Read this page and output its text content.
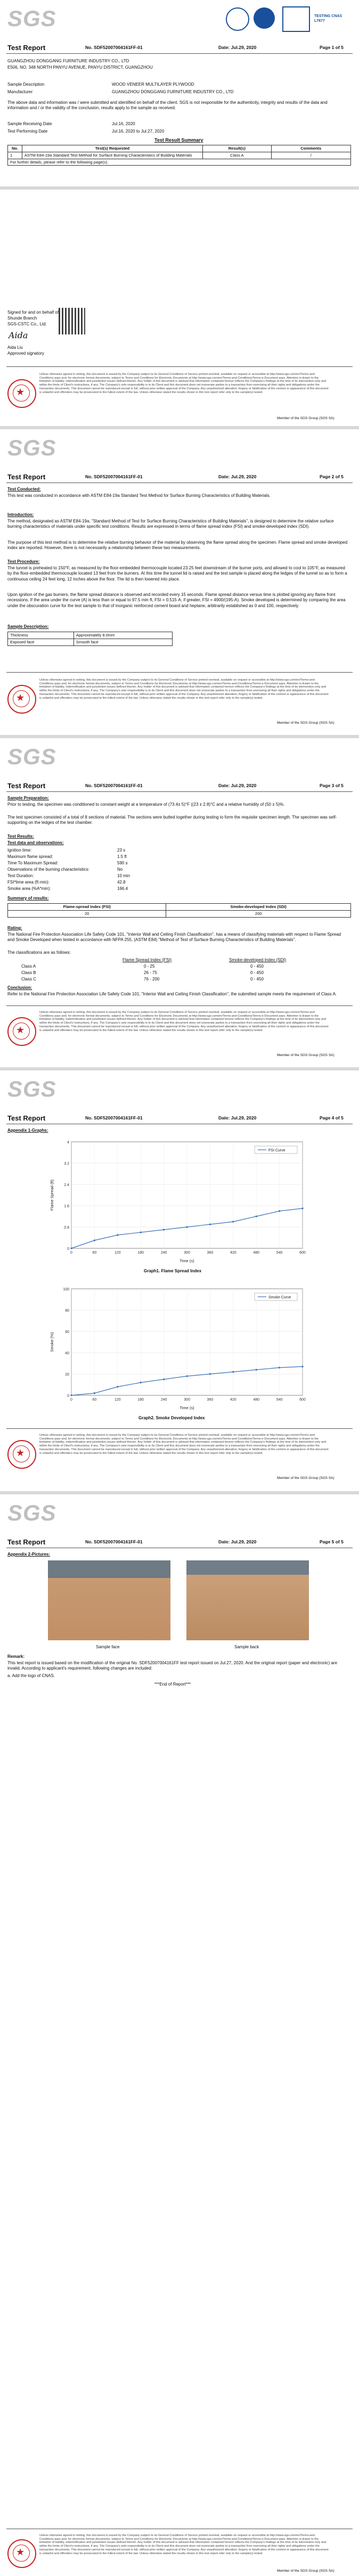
SGS
Test Report
TESTING CNAS L7677
No. SDF52007004161FF-01	Date: Jul.29, 2020	Page 1 of 5
GUANGZHOU DONGGANG FURNITURE INDUSTRY CO., LTD
E506, NO. 348 NORTH PANYU AVENUE, PANYU DISTRICT, GUANGZHOU
Sample Description	WOOD VENEER MULTILAYER PLYWOOD
Manufacturer	GUANGZHOU DONGGANG FURNITURE INDUSTRY CO., LTD
The above data and information was / were submitted and identified on behalf of the client. SGS is not responsible for the authenticity, integrity and results of the data and information and / or the validity of the conclusion, results apply to the sample as received.
Sample Receiving Date	Jul.16, 2020
Test Performing Date	Jul.16, 2020 to Jul.27, 2020
Test Result Summary
No.	Test(s) Requested	Result(s)	Comments
1	ASTM E84-19a Standard Test Method for Surface Burning Characteristics of Building Materials	Class A	/
For further details, please refer to the following page(s).			
Signed for and on behalf of
Shunde Branch
SGS-CSTC Co., Ltd.
Aida
Aida Liu
Approved signatory
★
Unless otherwise agreed in writing, this document is issued by the Company subject to its General Conditions of Service printed overleaf, available on request or accessible at http://www.sgs.com/en/Terms-and-Conditions.aspx and, for electronic format documents, subject to Terms and Conditions for Electronic Documents at http://www.sgs.com/en/Terms-and-Conditions/Terms-e-Document.aspx. Attention is drawn to the limitation of liability, indemnification and jurisdiction issues defined therein. Any holder of this document is advised that information contained hereon reflects the Company's findings at the time of its intervention only and within the limits of Client's instructions, if any. The Company's sole responsibility is to its Client and this document does not exonerate parties to a transaction from exercising all their rights and obligations under the transaction documents. This document cannot be reproduced except in full, without prior written approval of the Company. Any unauthorized alteration, forgery or falsification of the content or appearance of this document is unlawful and offenders may be prosecuted to the fullest extent of the law. Unless otherwise stated the results shown in this test report refer only to the sample(s) tested.
Member of the SGS Group (SGS SA)
SGS
Test Report	No. SDF52007004161FF-01	Date: Jul.29, 2020	Page 2 of 5
Test Conducted:
This test was conducted in accordance with ASTM E84-19a Standard Test Method for Surface Burning Characteristics of Building Materials.
Introduction:
The method, designated as ASTM E84-19a, "Standard Method of Test for Surface Burning Characteristics of Building Materials", is designed to determine the relative surface burning characteristics of materials under specific test conditions. Results are expressed in terms of flame spread index (FSI) and smoke-developed index (SDI).
The purpose of this test method is to determine the relative burning behavior of the material by observing the flame spread along the specimen. Flame spread and smoke developed index are reported. However, there is not necessarily a relationship between these two measurements.
Test Procedure:
The tunnel is preheated to 150°F, as measured by the floor-embedded thermocouple located 23.25 feet downstream of the burner ports, and allowed to cool to 105°F, as measured by the floor-embedded thermocouple located 13 feet from the burners. At this time the tunnel lid is raised and the test sample is placed along the ledges of the tunnel so as to form a continuous ceiling 24 feet long, 12 inches above the floor. The lid is then lowered into place.
Upon ignition of the gas burners, the flame spread distance is observed and recorded every 15 seconds. Flame spread distance versus time is plotted ignoring any flame front recessions. If the area under the curve (A) is less than or equal to 97.5 min·ft, FSI = 0.515·A; if greater, FSI = 4900/(195-A). Smoke developed is determined by comparing the area under the obscuration curve for the test sample to that of inorganic reinforced cement board and heptane, arbitrarily established as 0 and 100, respectively.
Sample Description:
Thickness	Approximately 8.0mm
Exposed face	Smooth face
★
Unless otherwise agreed in writing, this document is issued by the Company subject to its General Conditions of Service printed overleaf, available on request or accessible at http://www.sgs.com/en/Terms-and-Conditions.aspx and, for electronic format documents, subject to Terms and Conditions for Electronic Documents at http://www.sgs.com/en/Terms-and-Conditions/Terms-e-Document.aspx. Attention is drawn to the limitation of liability, indemnification and jurisdiction issues defined therein. Any holder of this document is advised that information contained hereon reflects the Company's findings at the time of its intervention only and within the limits of Client's instructions, if any. The Company's sole responsibility is to its Client and this document does not exonerate parties to a transaction from exercising all their rights and obligations under the transaction documents. This document cannot be reproduced except in full, without prior written approval of the Company. Any unauthorized alteration, forgery or falsification of the content or appearance of this document is unlawful and offenders may be prosecuted to the fullest extent of the law. Unless otherwise stated the results shown in this test report refer only to the sample(s) tested.
Member of the SGS Group (SGS SA)
SGS
Test Report	No. SDF52007004161FF-01	Date: Jul.29, 2020	Page 3 of 5
Sample Preparation:
Prior to testing, the specimen was conditioned to constant weight at a temperature of (73.4± 5)°F ((23 ± 2.8)°C and a relative humidity of (50 ± 5)%.
The test specimen consisted of a total of 8 sections of material. The sections were butted together during testing to form the requisite specimen length. The specimen was self-supporting on the ledges of the test chamber.
Test Results:
Test data and observations:
Ignition time:	23 s
Maximum flame spread:	1.5 ft
Time To Maximum Spread:	590 s
Observations of the burning characteristics:	No
Test Duration:	10 min
FSI*time area (ft·min):	42.8
Smoke area (%A*min):	166.4
Summary of results:
Flame-spread Index (FSI)	Smoke-developed Index (SDI)
20	200
Rating:
The National Fire Protection Association Life Safety Code 101, "Interior Wall and Ceiling Finish Classification", has a means of classifying materials with respect to Flame Spread and Smoke Developed when tested in accordance with NFPA 255, (ASTM E84) "Method of Test of Surface Burning Characteristics of Building Materials".
The classifications are as follows:
Flame Spread Index (FSI)	Smoke-developed Index (SDI)
Class A	0 - 25	0 - 450
Class B	26 - 75	0 - 450
Class C	76 - 200	0 - 450
Conclusion:
Refer to the National Fire Protection Association Life Safety Code 101, "Interior Wall and Ceiling Finish Classification", the submitted sample meets the requirement of Class A.
★
Unless otherwise agreed in writing, this document is issued by the Company subject to its General Conditions of Service printed overleaf, available on request or accessible at http://www.sgs.com/en/Terms-and-Conditions.aspx and, for electronic format documents, subject to Terms and Conditions for Electronic Documents at http://www.sgs.com/en/Terms-and-Conditions/Terms-e-Document.aspx. Attention is drawn to the limitation of liability, indemnification and jurisdiction issues defined therein. Any holder of this document is advised that information contained hereon reflects the Company's findings at the time of its intervention only and within the limits of Client's instructions, if any. The Company's sole responsibility is to its Client and this document does not exonerate parties to a transaction from exercising all their rights and obligations under the transaction documents. This document cannot be reproduced except in full, without prior written approval of the Company. Any unauthorized alteration, forgery or falsification of the content or appearance of this document is unlawful and offenders may be prosecuted to the fullest extent of the law. Unless otherwise stated the results shown in this test report refer only to the sample(s) tested.
Member of the SGS Group (SGS SA)
SGS
Test Report	No. SDF52007004161FF-01	Date: Jul.29, 2020	Page 4 of 5
Appendix 1-Graphs:
0
0.8
1.6
2.4
3.2
4
0	60	120	180	240	300	360	420	480	540	600
Time (s)
Flame Spread (ft)
FSI Curve
Graph1. Flame Spread Index
0
20
40
60
80
100
0	60	120	180	240	300	360	420	480	540	600
Time (s)
Smoke (%)
Smoke Curve
Graph2. Smoke Developed Index
★
Unless otherwise agreed in writing, this document is issued by the Company subject to its General Conditions of Service printed overleaf, available on request or accessible at http://www.sgs.com/en/Terms-and-Conditions.aspx and, for electronic format documents, subject to Terms and Conditions for Electronic Documents at http://www.sgs.com/en/Terms-and-Conditions/Terms-e-Document.aspx. Attention is drawn to the limitation of liability, indemnification and jurisdiction issues defined therein. Any holder of this document is advised that information contained hereon reflects the Company's findings at the time of its intervention only and within the limits of Client's instructions, if any. The Company's sole responsibility is to its Client and this document does not exonerate parties to a transaction from exercising all their rights and obligations under the transaction documents. This document cannot be reproduced except in full, without prior written approval of the Company. Any unauthorized alteration, forgery or falsification of the content or appearance of this document is unlawful and offenders may be prosecuted to the fullest extent of the law. Unless otherwise stated the results shown in this test report refer only to the sample(s) tested.
Member of the SGS Group (SGS SA)
SGS
Test Report	No. SDF52007004161FF-01	Date: Jul.29, 2020	Page 5 of 5
Appendix 2-Pictures:
Sample face	Sample back
Remark:
This test report is issued based on the modification of the original No. SDF52007004161FF test report issued on Jul.27, 2020. And the original report (paper and electronic) are invalid. According to applicant's requirement, following changes are included:
a. Add the logo of CNAS.
***End of Report***
★
Unless otherwise agreed in writing, this document is issued by the Company subject to its General Conditions of Service printed overleaf, available on request or accessible at http://www.sgs.com/en/Terms-and-Conditions.aspx and, for electronic format documents, subject to Terms and Conditions for Electronic Documents at http://www.sgs.com/en/Terms-and-Conditions/Terms-e-Document.aspx. Attention is drawn to the limitation of liability, indemnification and jurisdiction issues defined therein. Any holder of this document is advised that information contained hereon reflects the Company's findings at the time of its intervention only and within the limits of Client's instructions, if any. The Company's sole responsibility is to its Client and this document does not exonerate parties to a transaction from exercising all their rights and obligations under the transaction documents. This document cannot be reproduced except in full, without prior written approval of the Company. Any unauthorized alteration, forgery or falsification of the content or appearance of this document is unlawful and offenders may be prosecuted to the fullest extent of the law. Unless otherwise stated the results shown in this test report refer only to the sample(s) tested.
Member of the SGS Group (SGS SA)
